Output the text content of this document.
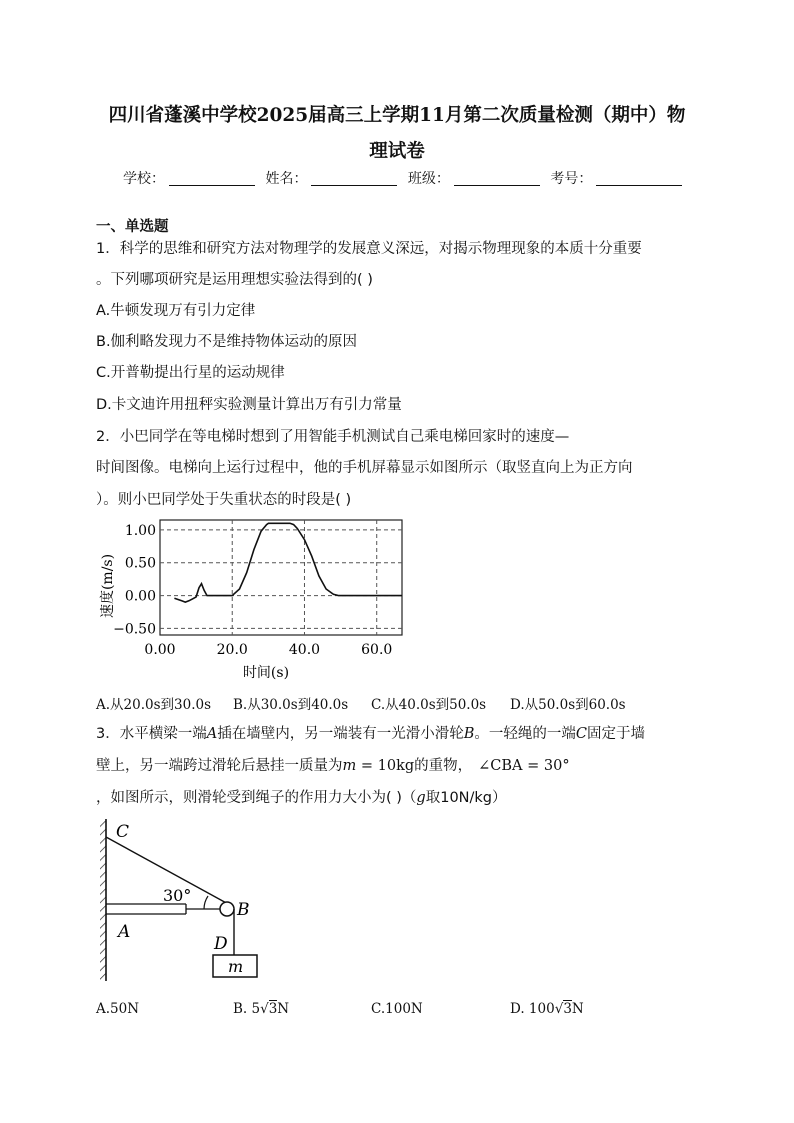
四川省蓬溪中学校2025届高三上学期11月第二次质量检测（期中）物
理试卷
学校：	姓名：	班级：	考号：
一、单选题
1．科学的思维和研究方法对物理学的发展意义深远，对揭示物理现象的本质十分重要
。下列哪项研究是运用理想实验法得到的( )
A.牛顿发现万有引力定律
B.伽利略发现力不是维持物体运动的原因
C.开普勒提出行星的运动规律
D.卡文迪许用扭秤实验测量计算出万有引力常量
2．小巴同学在等电梯时想到了用智能手机测试自己乘电梯回家时的速度—
时间图像。电梯向上运行过程中，他的手机屏幕显示如图所示（取竖直向上为正方向
）。则小巴同学处于失重状态的时段是( )
0.00	20.0	40.0	60.0
1.00
0.50
0.00
−0.50
时间(s)
速度(m/s)
A.从20.0s到30.0s B.从30.0s到40.0s C.从40.0s到50.0s D.从50.0s到60.0s
3．水平横梁一端A插在墙壁内，另一端装有一光滑小滑轮B。一轻绳的一端C固定于墙
壁上，另一端跨过滑轮后悬挂一质量为m = 10kg的重物， ∠CBA = 30°
，如图所示，则滑轮受到绳子的作用力大小为( )（g取10N/kg）
C
30°
A
B
D
m
A.50N	B. 5√3N	C.100N	D. 100√3N
